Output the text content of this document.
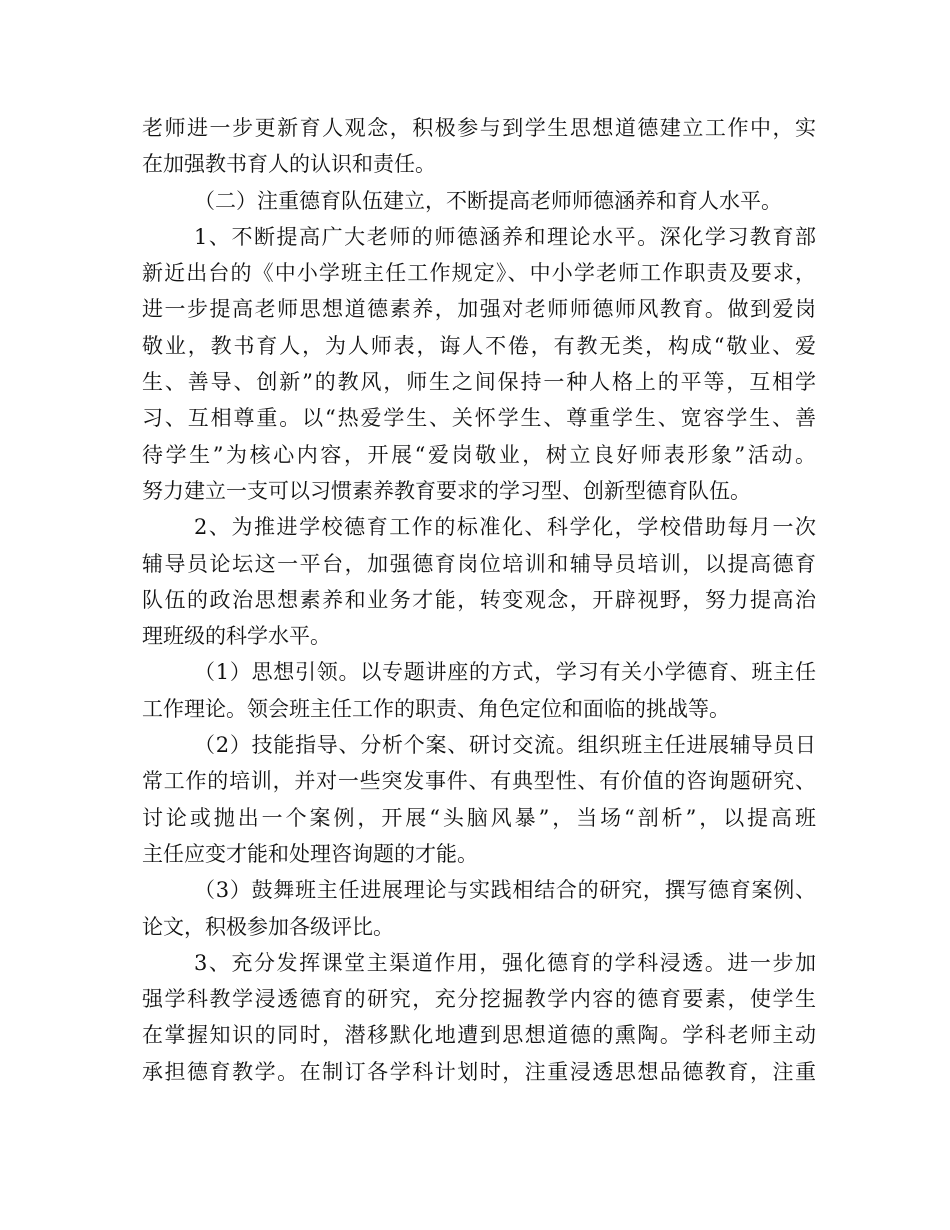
老师进一步更新育人观念，积极参与到学生思想道德建立工作中，实
在加强教书育人的认识和责任。
（二）注重德育队伍建立，不断提高老师师德涵养和育人水平。
1、不断提高广大老师的师德涵养和理论水平。深化学习教育部
新近出台的《中小学班主任工作规定》、中小学老师工作职责及要求，
进一步提高老师思想道德素养，加强对老师师德师风教育。做到爱岗
敬业，教书育人，为人师表，诲人不倦，有教无类，构成“敬业、爱
生、善导、创新”的教风，师生之间保持一种人格上的平等，互相学
习、互相尊重。以“热爱学生、关怀学生、尊重学生、宽容学生、善
待学生”为核心内容，开展“爱岗敬业，树立良好师表形象”活动。
努力建立一支可以习惯素养教育要求的学习型、创新型德育队伍。
2、为推进学校德育工作的标准化、科学化，学校借助每月一次
辅导员论坛这一平台，加强德育岗位培训和辅导员培训，以提高德育
队伍的政治思想素养和业务才能，转变观念，开辟视野，努力提高治
理班级的科学水平。
（1）思想引领。以专题讲座的方式，学习有关小学德育、班主任
工作理论。领会班主任工作的职责、角色定位和面临的挑战等。
（2）技能指导、分析个案、研讨交流。组织班主任进展辅导员日
常工作的培训，并对一些突发事件、有典型性、有价值的咨询题研究、
讨论或抛出一个案例，开展“头脑风暴”，当场“剖析”，以提高班
主任应变才能和处理咨询题的才能。
（3）鼓舞班主任进展理论与实践相结合的研究，撰写德育案例、
论文，积极参加各级评比。
3、充分发挥课堂主渠道作用，强化德育的学科浸透。进一步加
强学科教学浸透德育的研究，充分挖掘教学内容的德育要素，使学生
在掌握知识的同时，潜移默化地遭到思想道德的熏陶。学科老师主动
承担德育教学。在制订各学科计划时，注重浸透思想品德教育，注重
